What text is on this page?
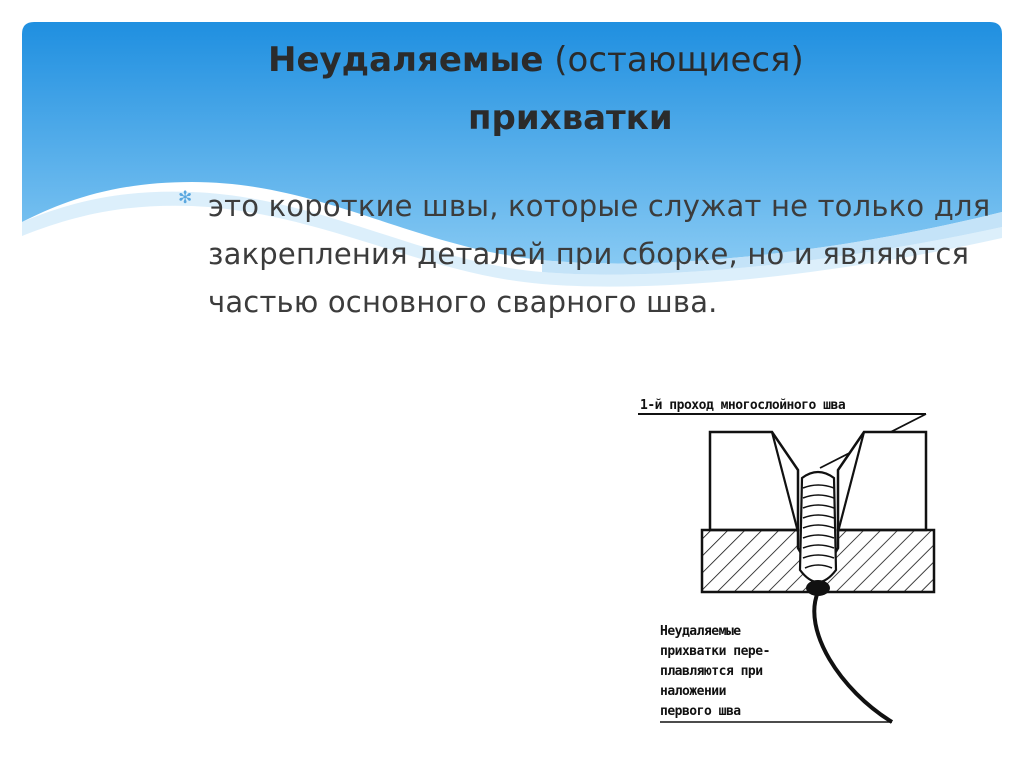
Неудаляемые (остающиеся)
прихватки
✻ это короткие швы, которые служат не только для закрепления деталей при сборке, но и являются частью основного сварного шва.
1-й проход многослойного шва
Неудаляемые
прихватки пере-
плавляются при
наложении
первого шва
